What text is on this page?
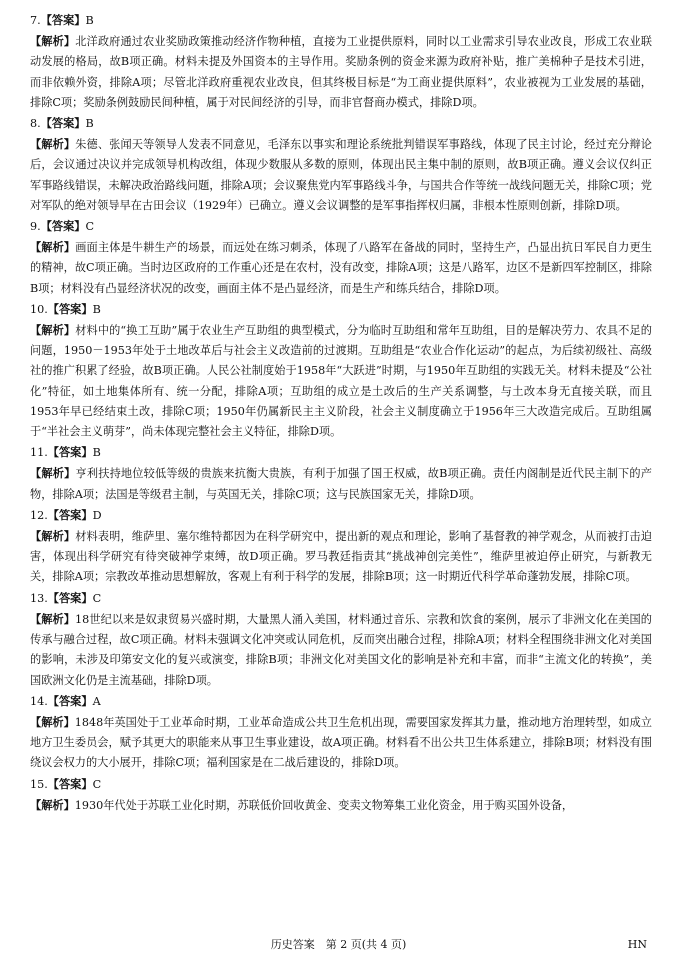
7.【答案】B

【解析】北洋政府通过农业奖励政策推动经济作物种植，直接为工业提供原料，同时以工业需求引导农业改良，形成工农业联动发展的格局，故B项正确。材料未提及外国资本的主导作用。奖励条例的资金来源为政府补贴，推广美棉种子是技术引进，而非依赖外资，排除A项；尽管北洋政府重视农业改良，但其终极目标是“为工商业提供原料”，农业被视为工业发展的基础，排除C项；奖励条例鼓励民间种植，属于对民间经济的引导，而非官督商办模式，排除D项。

8.【答案】B

【解析】朱德、张闻天等领导人发表不同意见，毛泽东以事实和理论系统批判错误军事路线，体现了民主讨论，经过充分辩论后，会议通过决议并完成领导机构改组，体现少数服从多数的原则，体现出民主集中制的原则，故B项正确。遵义会议仅纠正军事路线错误，未解决政治路线问题，排除A项；会议聚焦党内军事路线斗争，与国共合作等统一战线问题无关，排除C项；党对军队的绝对领导早在古田会议（1929年）已确立。遵义会议调整的是军事指挥权归属，非根本性原则创新，排除D项。

9.【答案】C

【解析】画面主体是牛耕生产的场景，而远处在练习刺杀，体现了八路军在备战的同时，坚持生产，凸显出抗日军民自力更生的精神，故C项正确。当时边区政府的工作重心还是在农村，没有改变，排除A项；这是八路军，边区不是新四军控制区，排除B项；材料没有凸显经济状况的改变，画面主体不是凸显经济，而是生产和练兵结合，排除D项。

10.【答案】B

【解析】材料中的“换工互助”属于农业生产互助组的典型模式，分为临时互助组和常年互助组，目的是解决劳力、农具不足的问题，1950－1953年处于土地改革后与社会主义改造前的过渡期。互助组是“农业合作化运动”的起点，为后续初级社、高级社的推广积累了经验，故B项正确。人民公社制度始于1958年“大跃进”时期，与1950年互助组的实践无关。材料未提及“公社化”特征，如土地集体所有、统一分配，排除A项；互助组的成立是土改后的生产关系调整，与土改本身无直接关联，而且1953年早已经结束土改，排除C项；1950年仍属新民主主义阶段，社会主义制度确立于1956年三大改造完成后。互助组属于“半社会主义萌芽”，尚未体现完整社会主义特征，排除D项。

11.【答案】B

【解析】亨利扶持地位较低等级的贵族来抗衡大贵族，有利于加强了国王权威，故B项正确。责任内阁制是近代民主制下的产物，排除A项；法国是等级君主制，与英国无关，排除C项；这与民族国家无关，排除D项。

12.【答案】D

【解析】材料表明，维萨里、塞尔维特都因为在科学研究中，提出新的观点和理论，影响了基督教的神学观念，从而被打击迫害，体现出科学研究有待突破神学束缚，故D项正确。罗马教廷指责其“挑战神创完美性”，维萨里被迫停止研究，与新教无关，排除A项；宗教改革推动思想解放，客观上有利于科学的发展，排除B项；这一时期近代科学革命蓬勃发展，排除C项。

13.【答案】C

【解析】18世纪以来是奴隶贸易兴盛时期，大量黑人涌入美国，材料通过音乐、宗教和饮食的案例，展示了非洲文化在美国的传承与融合过程，故C项正确。材料未强调文化冲突或认同危机，反而突出融合过程，排除A项；材料全程围绕非洲文化对美国的影响，未涉及印第安文化的复兴或演变，排除B项；非洲文化对美国文化的影响是补充和丰富，而非“主流文化的转换”，美国欧洲文化仍是主流基础，排除D项。

14.【答案】A

【解析】1848年英国处于工业革命时期，工业革命造成公共卫生危机出现，需要国家发挥其力量，推动地方治理转型，如成立地方卫生委员会，赋予其更大的职能来从事卫生事业建设，故A项正确。材料看不出公共卫生体系建立，排除B项；材料没有围绕议会权力的大小展开，排除C项；福利国家是在二战后建设的，排除D项。

15.【答案】C

【解析】1930年代处于苏联工业化时期，苏联低价回收黄金、变卖文物筹集工业化资金，用于购买国外设备，

历史答案　第 2 页(共 4 页)	HN
